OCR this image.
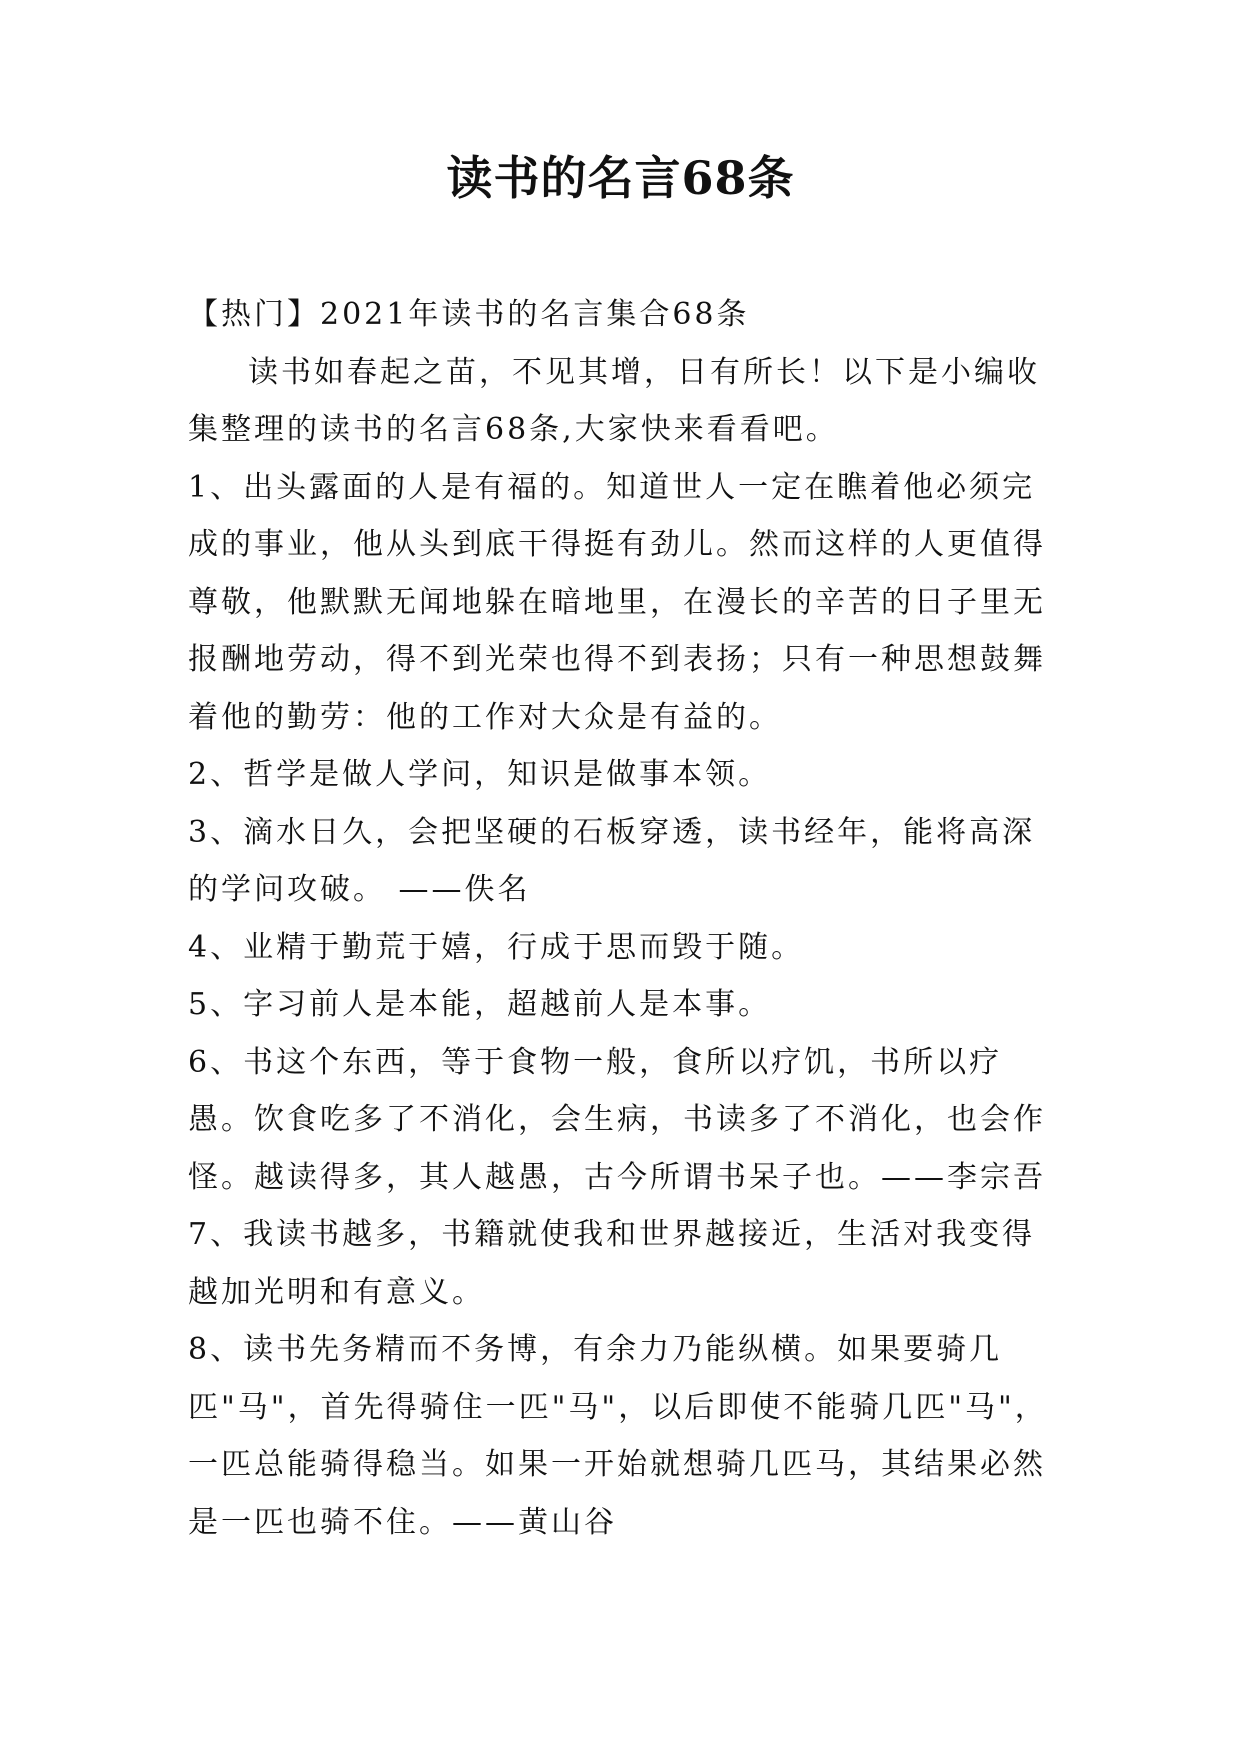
读书的名言68条

【热门】2021年读书的名言集合68条

读书如春起之苗，不见其增，日有所长！以下是小编收集整理的读书的名言68条,大家快来看看吧。

1、出头露面的人是有福的。知道世人一定在瞧着他必须完成的事业，他从头到底干得挺有劲儿。然而这样的人更值得尊敬，他默默无闻地躲在暗地里，在漫长的辛苦的日子里无报酬地劳动，得不到光荣也得不到表扬；只有一种思想鼓舞着他的勤劳：他的工作对大众是有益的。

2、哲学是做人学问，知识是做事本领。

3、滴水日久，会把坚硬的石板穿透，读书经年，能将高深的学问攻破。 ——佚名

4、业精于勤荒于嬉，行成于思而毁于随。

5、字习前人是本能，超越前人是本事。

6、书这个东西，等于食物一般，食所以疗饥，书所以疗愚。饮食吃多了不消化，会生病，书读多了不消化，也会作怪。越读得多，其人越愚，古今所谓书呆子也。——李宗吾

7、我读书越多，书籍就使我和世界越接近，生活对我变得越加光明和有意义。

8、读书先务精而不务博，有余力乃能纵横。如果要骑几匹"马"，首先得骑住一匹"马"，以后即使不能骑几匹"马"，一匹总能骑得稳当。如果一开始就想骑几匹马，其结果必然是一匹也骑不住。——黄山谷
